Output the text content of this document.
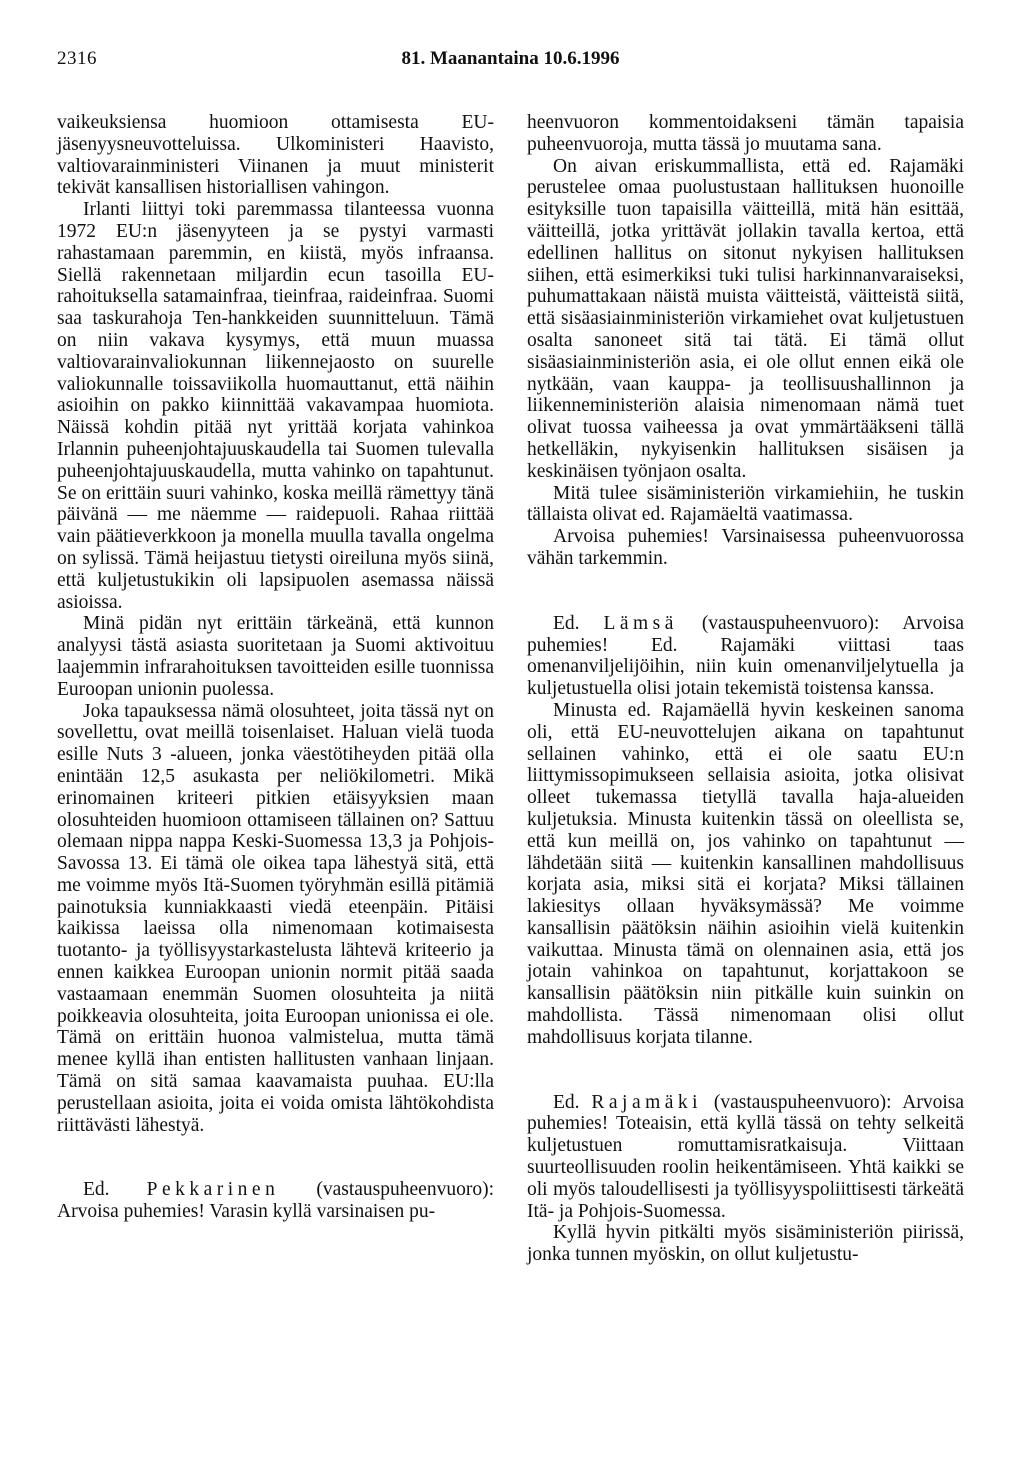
2316	81. Maanantaina 10.6.1996

vaikeuksiensa huomioon ottamisesta EU-jäsenyysneuvotteluissa. Ulkoministeri Haavisto, valtiovarainministeri Viinanen ja muut ministerit tekivät kansallisen historiallisen vahingon.

Irlanti liittyi toki paremmassa tilanteessa vuonna 1972 EU:n jäsenyyteen ja se pystyi varmasti rahastamaan paremmin, en kiistä, myös infraansa. Siellä rakennetaan miljardin ecun tasoilla EU-rahoituksella satamainfraa, tieinfraa, raideinfraa. Suomi saa taskurahoja Ten-hankkeiden suunnitteluun. Tämä on niin vakava kysymys, että muun muassa valtiovarainvaliokunnan liikennejaosto on suurelle valiokunnalle toissaviikolla huomauttanut, että näihin asioihin on pakko kiinnittää vakavampaa huomiota. Näissä kohdin pitää nyt yrittää korjata vahinkoa Irlannin puheenjohtajuuskaudella tai Suomen tulevalla puheenjohtajuuskaudella, mutta vahinko on tapahtunut. Se on erittäin suuri vahinko, koska meillä rämettyy tänä päivänä — me näemme — raidepuoli. Rahaa riittää vain päätieverkkoon ja monella muulla tavalla ongelma on sylissä. Tämä heijastuu tietysti oireiluna myös siinä, että kuljetustukikin oli lapsipuolen asemassa näissä asioissa.

Minä pidän nyt erittäin tärkeänä, että kunnon analyysi tästä asiasta suoritetaan ja Suomi aktivoituu laajemmin infrarahoituksen tavoitteiden esille tuonnissa Euroopan unionin puolessa.

Joka tapauksessa nämä olosuhteet, joita tässä nyt on sovellettu, ovat meillä toisenlaiset. Haluan vielä tuoda esille Nuts 3 -alueen, jonka väestötiheyden pitää olla enintään 12,5 asukasta per neliökilometri. Mikä erinomainen kriteeri pitkien etäisyyksien maan olosuhteiden huomioon ottamiseen tällainen on? Sattuu olemaan nippa nappa Keski-Suomessa 13,3 ja Pohjois-Savossa 13. Ei tämä ole oikea tapa lähestyä sitä, että me voimme myös Itä-Suomen työryhmän esillä pitämiä painotuksia kunniakkaasti viedä eteenpäin. Pitäisi kaikissa laeissa olla nimenomaan kotimaisesta tuotanto- ja työllisyystarkastelusta lähtevä kriteerio ja ennen kaikkea Euroopan unionin normit pitää saada vastaamaan enemmän Suomen olosuhteita ja niitä poikkeavia olosuhteita, joita Euroopan unionissa ei ole. Tämä on erittäin huonoa valmistelua, mutta tämä menee kyllä ihan entisten hallitusten vanhaan linjaan. Tämä on sitä samaa kaavamaista puuhaa. EU:lla perustellaan asioita, joita ei voida omista lähtökohdista riittävästi lähestyä.

Ed. Pekkarinen (vastauspuheenvuoro): Arvoisa puhemies! Varasin kyllä varsinaisen pu-

heenvuoron kommentoidakseni tämän tapaisia puheenvuoroja, mutta tässä jo muutama sana.

On aivan eriskummallista, että ed. Rajamäki perustelee omaa puolustustaan hallituksen huonoille esityksille tuon tapaisilla väitteillä, mitä hän esittää, väitteillä, jotka yrittävät jollakin tavalla kertoa, että edellinen hallitus on sitonut nykyisen hallituksen siihen, että esimerkiksi tuki tulisi harkinnanvaraiseksi, puhumattakaan näistä muista väitteistä, väitteistä siitä, että sisäasiainministeriön virkamiehet ovat kuljetustuen osalta sanoneet sitä tai tätä. Ei tämä ollut sisäasiainministeriön asia, ei ole ollut ennen eikä ole nytkään, vaan kauppa- ja teollisuushallinnon ja liikenneministeriön alaisia nimenomaan nämä tuet olivat tuossa vaiheessa ja ovat ymmärtääkseni tällä hetkelläkin, nykyisenkin hallituksen sisäisen ja keskinäisen työnjaon osalta.

Mitä tulee sisäministeriön virkamiehiin, he tuskin tällaista olivat ed. Rajamäeltä vaatimassa.

Arvoisa puhemies! Varsinaisessa puheenvuorossa vähän tarkemmin.

Ed. Lämsä (vastauspuheenvuoro): Arvoisa puhemies! Ed. Rajamäki viittasi taas omenanviljelijöihin, niin kuin omenanviljelytuella ja kuljetustuella olisi jotain tekemistä toistensa kanssa.

Minusta ed. Rajamäellä hyvin keskeinen sanoma oli, että EU-neuvottelujen aikana on tapahtunut sellainen vahinko, että ei ole saatu EU:n liittymissopimukseen sellaisia asioita, jotka olisivat olleet tukemassa tietyllä tavalla haja-alueiden kuljetuksia. Minusta kuitenkin tässä on oleellista se, että kun meillä on, jos vahinko on tapahtunut — lähdetään siitä — kuitenkin kansallinen mahdollisuus korjata asia, miksi sitä ei korjata? Miksi tällainen lakiesitys ollaan hyväksymässä? Me voimme kansallisin päätöksin näihin asioihin vielä kuitenkin vaikuttaa. Minusta tämä on olennainen asia, että jos jotain vahinkoa on tapahtunut, korjattakoon se kansallisin päätöksin niin pitkälle kuin suinkin on mahdollista. Tässä nimenomaan olisi ollut mahdollisuus korjata tilanne.

Ed. Rajamäki (vastauspuheenvuoro): Arvoisa puhemies! Toteaisin, että kyllä tässä on tehty selkeitä kuljetustuen romuttamisratkaisuja. Viittaan suurteollisuuden roolin heikentämiseen. Yhtä kaikki se oli myös taloudellisesti ja työllisyyspoliittisesti tärkeätä Itä- ja Pohjois-Suomessa.

Kyllä hyvin pitkälti myös sisäministeriön piirissä, jonka tunnen myöskin, on ollut kuljetustu-
